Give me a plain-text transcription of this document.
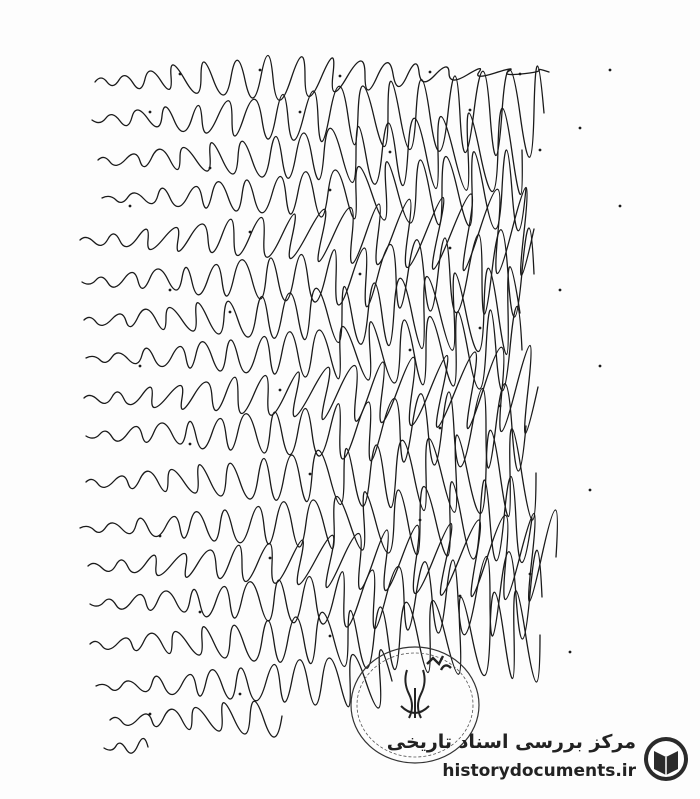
مرکز بررسی اسناد تاریخی
historydocuments.ir
